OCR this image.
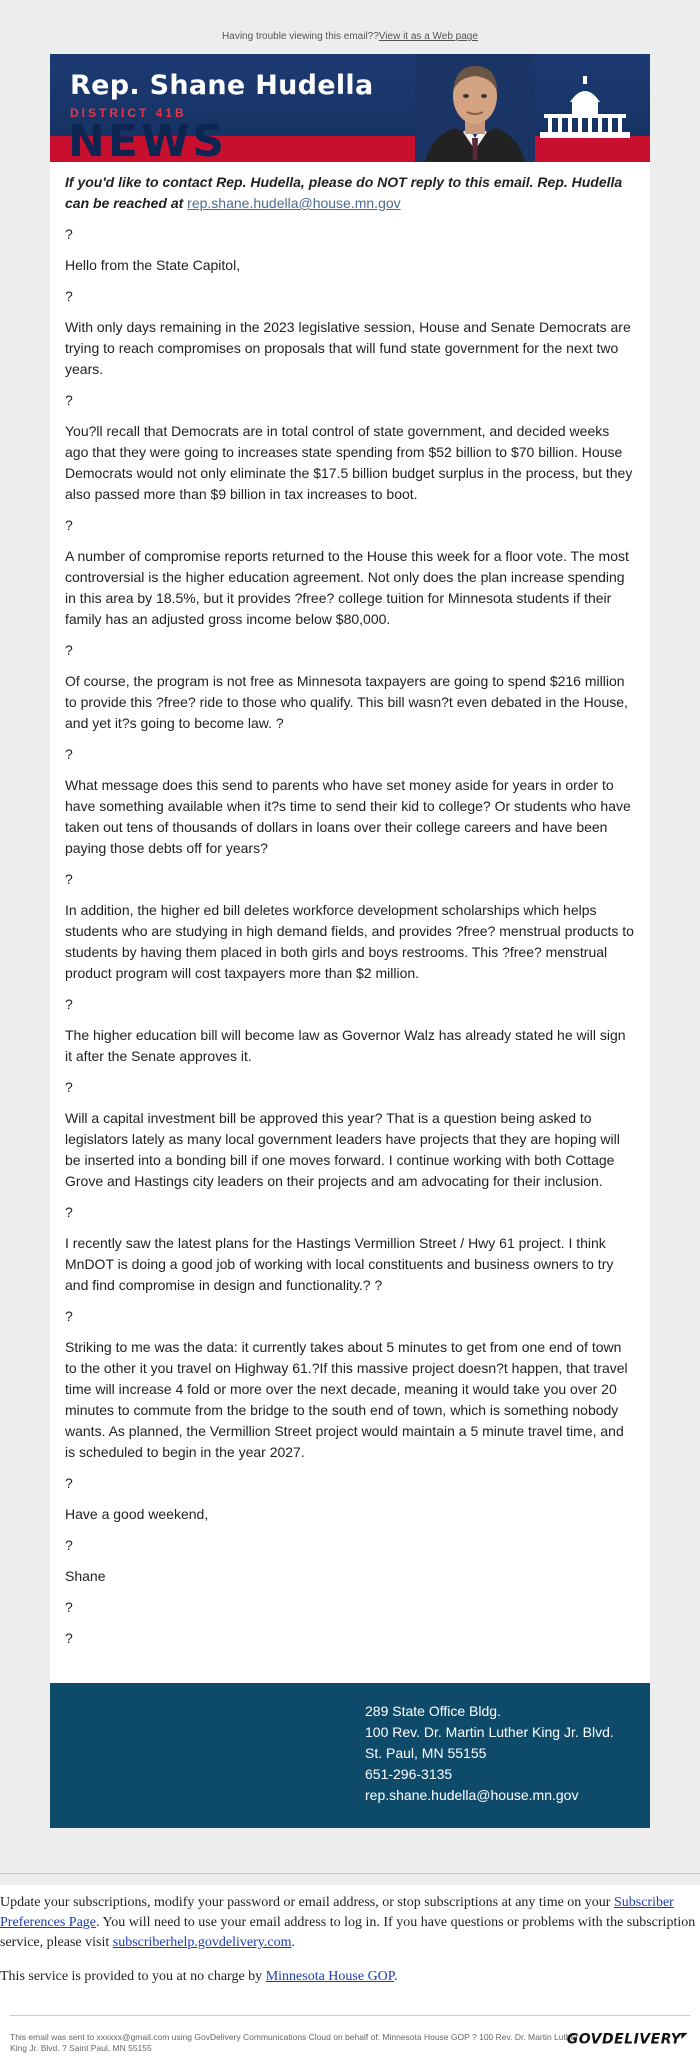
Having trouble viewing this email??View it as a Web page
Rep. Shane Hudella
DISTRICT 41B
NEWS

If you'd like to contact Rep. Hudella, please do NOT reply to this email. Rep. Hudella can be reached at rep.shane.hudella@house.mn.gov

?

Hello from the State Capitol,

?

With only days remaining in the 2023 legislative session, House and Senate Democrats are trying to reach compromises on proposals that will fund state government for the next two years.

?

You?ll recall that Democrats are in total control of state government, and decided weeks ago that they were going to increases state spending from $52 billion to $70 billion. House Democrats would not only eliminate the $17.5 billion budget surplus in the process, but they also passed more than $9 billion in tax increases to boot.

?

A number of compromise reports returned to the House this week for a floor vote. The most controversial is the higher education agreement. Not only does the plan increase spending in this area by 18.5%, but it provides ?free? college tuition for Minnesota students if their family has an adjusted gross income below $80,000.

?

Of course, the program is not free as Minnesota taxpayers are going to spend $216 million to provide this ?free? ride to those who qualify. This bill wasn?t even debated in the House, and yet it?s going to become law. ?

?

What message does this send to parents who have set money aside for years in order to have something available when it?s time to send their kid to college? Or students who have taken out tens of thousands of dollars in loans over their college careers and have been paying those debts off for years?

?

In addition, the higher ed bill deletes workforce development scholarships which helps students who are studying in high demand fields, and provides ?free? menstrual products to students by having them placed in both girls and boys restrooms. This ?free? menstrual product program will cost taxpayers more than $2 million.

?

The higher education bill will become law as Governor Walz has already stated he will sign it after the Senate approves it.

?

Will a capital investment bill be approved this year? That is a question being asked to legislators lately as many local government leaders have projects that they are hoping will be inserted into a bonding bill if one moves forward. I continue working with both Cottage Grove and Hastings city leaders on their projects and am advocating for their inclusion.

?

I recently saw the latest plans for the Hastings Vermillion Street / Hwy 61 project. I think MnDOT is doing a good job of working with local constituents and business owners to try and find compromise in design and functionality.? ?

?

Striking to me was the data: it currently takes about 5 minutes to get from one end of town to the other it you travel on Highway 61.?If this massive project doesn?t happen, that travel time will increase 4 fold or more over the next decade, meaning it would take you over 20 minutes to commute from the bridge to the south end of town, which is something nobody wants. As planned, the Vermillion Street project would maintain a 5 minute travel time, and is scheduled to begin in the year 2027.

?

Have a good weekend,

?

Shane

?

?

289 State Office Bldg.
100 Rev. Dr. Martin Luther King Jr. Blvd.
St. Paul, MN 55155
651-296-3135
rep.shane.hudella@house.mn.gov

Update your subscriptions, modify your password or email address, or stop subscriptions at any time on your Subscriber Preferences Page. You will need to use your email address to log in. If you have questions or problems with the subscription service, please visit subscriberhelp.govdelivery.com.

This service is provided to you at no charge by Minnesota House GOP.

This email was sent to xxxxxx@gmail.com using GovDelivery Communications Cloud on behalf of: Minnesota House GOP ? 100 Rev. Dr. Martin Luther King Jr. Blvd. ? Saint Paul, MN 55155
GOVDELIVERY◤
